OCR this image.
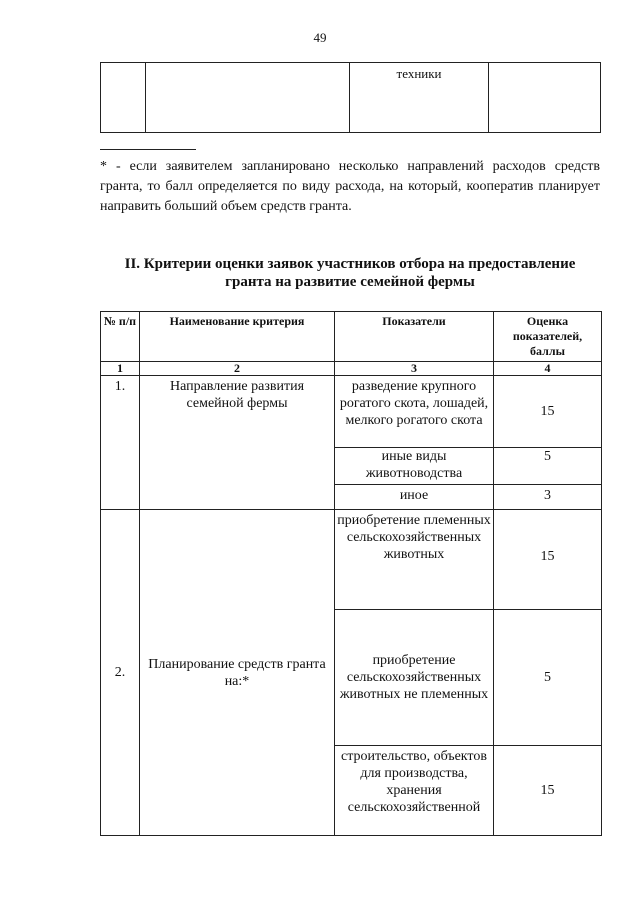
49
		техники	

* - если заявителем запланировано несколько направлений расходов средств гранта, то балл определяется по виду расхода, на который, кооператив планирует направить больший объем средств гранта.

II. Критерии оценки заявок участников отбора на предоставление
гранта на развитие семейной фермы
№ п/п	Наименование критерия	Показатели	Оценка показателей, баллы
1	2	3	4
1.	Направление развития семейной фермы	разведение крупного рогатого скота, лошадей, мелкого рогатого скота	15
		иные виды животноводства	5
		иное	3
2.	Планирование средств гранта на:*	приобретение племенных сельскохозяйственных животных	15
		приобретение сельскохозяйственных животных не племенных	5
		строительство, объектов для производства, хранения сельскохозяйственной	15
